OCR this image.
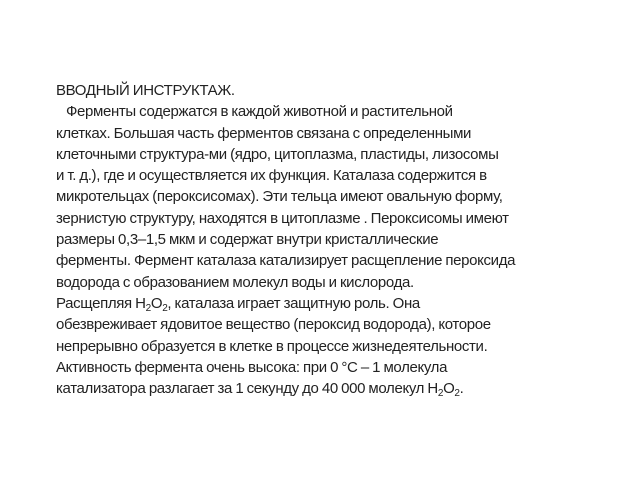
ВВОДНЫЙ ИНСТРУКТАЖ.
Ферменты содержатся в каждой животной и растительной
клетках. Большая часть ферментов связана с определенными
клеточными структура-ми (ядро, цитоплазма, пластиды, лизосомы
и т. д.), где и осуществляется их функция. Каталаза содержится в
микротельцах (пероксисомах). Эти тельца имеют овальную форму,
зернистую структуру, находятся в цитоплазме . Пероксисомы имеют
размеры 0,3–1,5 мкм и содержат внутри кристаллические
ферменты. Фермент каталаза катализирует расщепление пероксида
водорода с образованием молекул воды и кислорода.
Расщепляя $H_2O_2$, каталаза играет защитную роль. Она
обезвреживает ядовитое вещество (пероксид водорода), которое
непрерывно образуется в клетке в процессе жизнедеятельности.
Активность фермента очень высока: при 0 °С – 1 молекула
катализатора разлагает за 1 секунду до 40 000 молекул $H_2O_2$.
